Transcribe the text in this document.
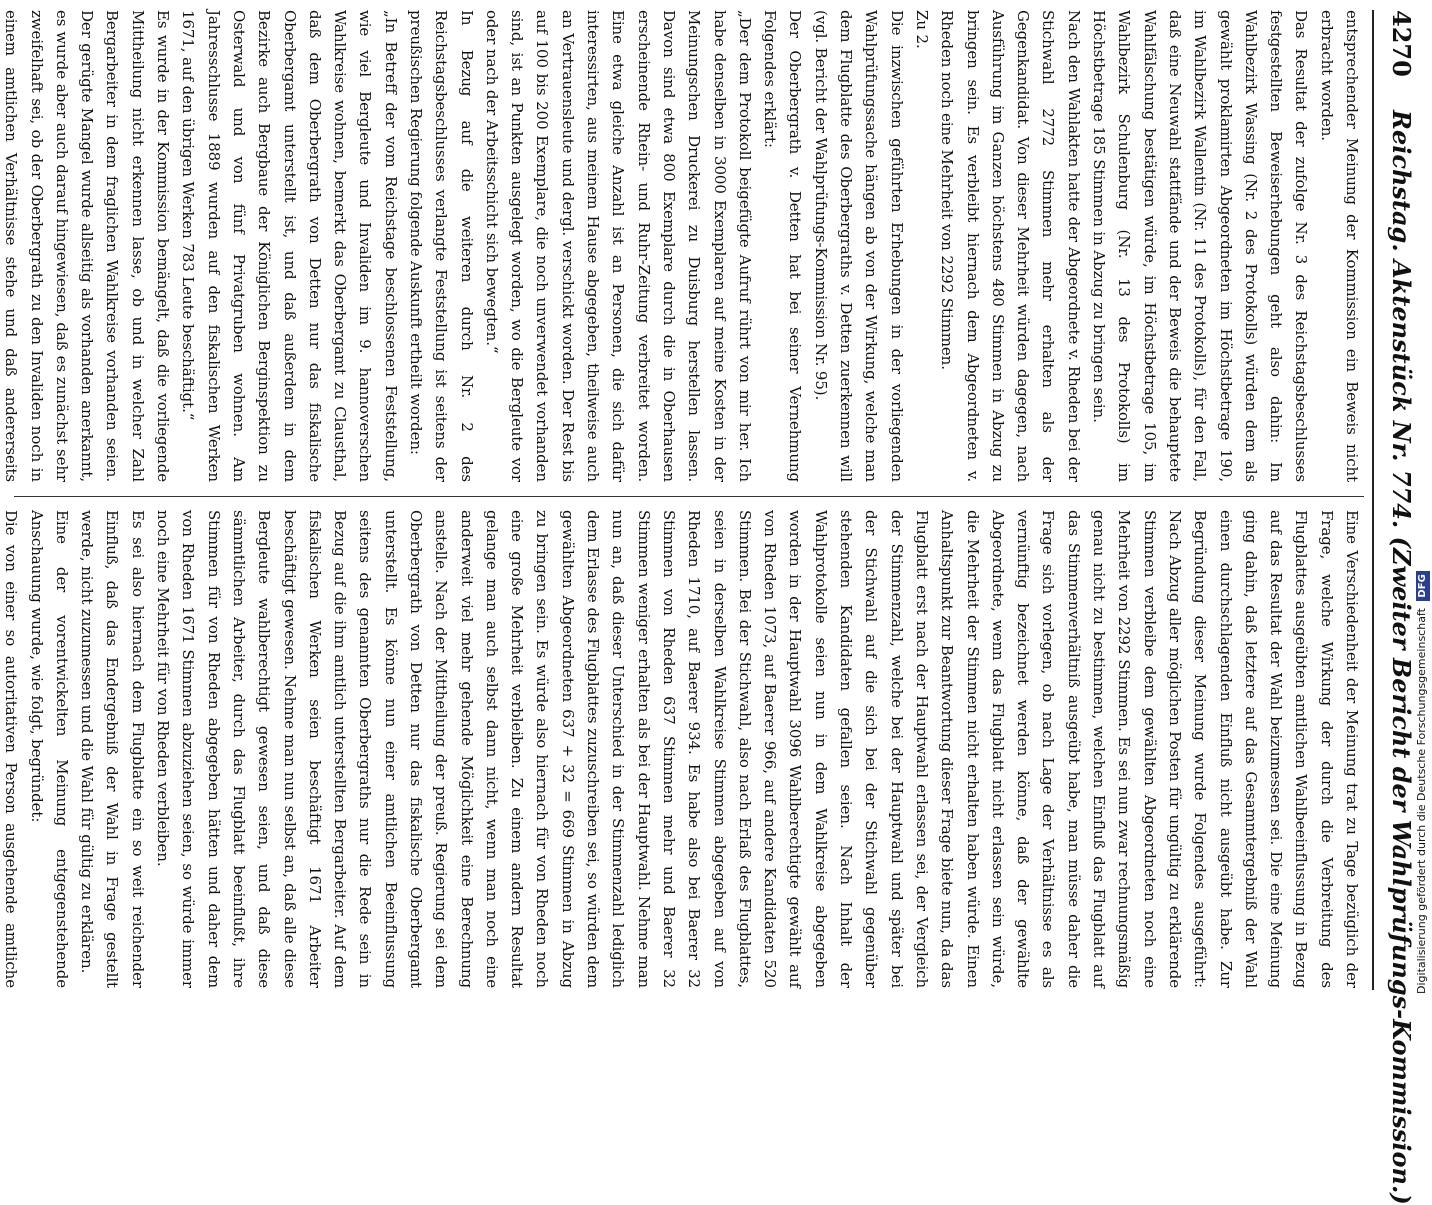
4270
Reichstag. Aktenstück Nr. 774. (Zweiter Bericht der Wahlprüfungs-Kommission.)

entsprechender Meinung der Kommission ein Beweis nicht erbracht worden.
Das Resultat der zufolge Nr. 3 des Reichstagsbeschlusses festgestellten Beweiserhebungen geht also dahin: Im Wahlbezirk Wassing (Nr. 2 des Protokolls) würden dem als gewählt proklamirten Abgeordneten im Höchstbetrage 190, im Wahlbezirk Wallentin (Nr. 11 des Protokolls), für den Fall, daß eine Neuwahl stattfände und der Beweis die behauptete Wahlfälschung bestätigen würde, im Höchstbetrage 105, im Wahlbezirk Schulenburg (Nr. 13 des Protokolls) im Höchstbetrage 185 Stimmen in Abzug zu bringen sein.
Nach den Wahlakten hatte der Abgeordnete v. Rheden bei der Stichwahl 2772 Stimmen mehr erhalten als der Gegenkandidat. Von dieser Mehrheit würden dagegen, nach Ausführung im Ganzen höchstens 480 Stimmen in Abzug zu bringen sein. Es verbleibt hiernach dem Abgeordneten v. Rheden noch eine Mehrheit von 2292 Stimmen.
Zu 2.
Die inzwischen geführten Erhebungen in der vorliegenden Wahlprüfungssache hängen ab von der Wirkung, welche man dem Flugblatte des Oberbergraths v. Detten zuerkennen will (vgl. Bericht der Wahlprüfungs-Kommission Nr. 95).
Der Oberbergrath v. Detten hat bei seiner Vernehmung Folgendes erklärt:
„Der dem Protokoll beigefügte Aufruf rührt von mir her. Ich habe denselben in 3000 Exemplaren auf meine Kosten in der Meinungschen Druckerei zu Duisburg herstellen lassen. Davon sind etwa 800 Exemplare durch die in Oberhausen erscheinende Rhein- und Ruhr-Zeitung verbreitet worden. Eine etwa gleiche Anzahl ist an Personen, die sich dafür interessirten, aus meinem Hause abgegeben, theilweise auch an Vertrauensleute und dergl. verschickt worden. Der Rest bis auf 100 bis 200 Exemplare, die noch unverwendet vorhanden sind, ist an Punkten ausgelegt worden, wo die Bergleute vor oder nach der Arbeitsschicht sich bewegten.“
In Bezug auf die weiteren durch Nr. 2 des Reichstagsbeschlusses verlangte Feststellung ist seitens der preußischen Regierung folgende Auskunft ertheilt worden:
„In Betreff der vom Reichstage beschlossenen Feststellung, wie viel Bergleute und Invaliden im 9. hannoverschen Wahlkreise wohnen, bemerkt das Oberbergamt zu Clausthal, daß dem Oberbergrath von Detten nur das fiskalische Oberbergamt unterstellt ist, und daß außerdem in dem Bezirke auch Bergbaue der Königlichen Berginspektion zu Osterwald und von fünf Privatgruben wohnen. Am Jahresschlusse 1889 wurden auf den fiskalischen Werken 1671, auf den übrigen Werken 783 Leute beschäftigt.“
Es wurde in der Kommission bemängelt, daß die vorliegende Mittheilung nicht erkennen lasse, ob und in welcher Zahl Bergarbeiter in dem fraglichen Wahlkreise vorhanden seien. Der gerügte Mangel wurde allseitig als vorhanden anerkannt, es wurde aber auch darauf hingewiesen, daß es zunächst sehr zweifelhaft sei, ob der Oberbergrath zu den Invaliden noch in einem amtlichen Verhältnisse stehe und daß andererseits

Eine Verschiedenheit der Meinung trat zu Tage bezüglich der Frage, welche Wirkung der durch die Verbreitung des Flugblattes ausgeübten amtlichen Wahlbeeinflussung in Bezug auf das Resultat der Wahl beizumessen sei. Die eine Meinung ging dahin, daß letztere auf das Gesammtergebniß der Wahl einen durchschlagenden Einfluß nicht ausgeübt habe. Zur Begründung dieser Meinung wurde Folgendes ausgeführt: Nach Abzug aller möglichen Posten für ungültig zu erklärende Stimmen verbleibe dem gewählten Abgeordneten noch eine Mehrheit von 2292 Stimmen. Es sei nun zwar rechnungsmäßig genau nicht zu bestimmen, welchen Einfluß das Flugblatt auf das Stimmenverhältniß ausgeübt habe, man müsse daher die Frage sich vorlegen, ob nach Lage der Verhältnisse es als vernünftig bezeichnet werden könne, daß der gewählte Abgeordnete, wenn das Flugblatt nicht erlassen sein würde, die Mehrheit der Stimmen nicht erhalten haben würde. Einen Anhaltspunkt zur Beantwortung dieser Frage biete nun, da das Flugblatt erst nach der Hauptwahl erlassen sei, der Vergleich der Stimmenzahl, welche bei der Hauptwahl und später bei der Stichwahl auf die sich bei der Stichwahl gegenüber stehenden Kandidaten gefallen seien. Nach Inhalt der Wahlprotokolle seien nun in dem Wahlkreise abgegeben worden in der Hauptwahl 3096 Wahlberechtigte gewählt auf von Rheden 1073, auf Baerer 966, auf andere Kandidaten 520 Stimmen. Bei der Stichwahl, also nach Erlaß des Flugblattes, seien in derselben Wahlkreise Stimmen abgegeben auf von Rheden 1710, auf Baerer 934. Es habe also bei Baerer 32 Stimmen von Rheden 637 Stimmen mehr und Baerer 32 Stimmen weniger erhalten als bei der Hauptwahl. Nehme man nun an, daß dieser Unterschied in der Stimmenzahl lediglich dem Erlasse des Flugblattes zuzuschreiben sei, so würden dem gewählten Abgeordneten 637 + 32 = 669 Stimmen in Abzug zu bringen sein. Es würde also hiernach für von Rheden noch eine große Mehrheit verbleiben. Zu einem andern Resultat gelange man auch selbst dann nicht, wenn man noch eine anderweit viel mehr gehende Möglichkeit eine Berechnung anstelle. Nach der Mittheilung der preuß. Regierung sei dem Oberbergrath von Detten nur das fiskalische Oberbergamt unterstellt. Es könne nun einer amtlichen Beeinflussung seitens des genannten Oberbergraths nur die Rede sein in Bezug auf die ihm amtlich unterstellten Bergarbeiter. Auf dem fiskalischen Werken seien beschäftigt 1671 Arbeiter beschäftigt gewesen. Nehme man nun selbst an, daß alle diese Bergleute wahlberechtigt gewesen seien, und daß diese sämmtlichen Arbeiter, durch das Flugblatt beeinflußt, ihre Stimmen für von Rheden abgegeben hätten und daher dem von Rheden 1671 Stimmen abzuziehen seien, so würde immer noch eine Mehrheit für von Rheden verbleiben.
Es sei also hiernach dem Flugblatte ein so weit reichender Einfluß, daß das Endergebniß der Wahl in Frage gestellt werde, nicht zuzumessen und die Wahl für gültig zu erklären.
Eine der vorentwickelten Meinung entgegenstehende Anschauung wurde, wie folgt, begründet:
Die von einer so autoritativen Person ausgehende amtliche	Digitalisierung gefördert durch die Deutsche Forschungsgemeinschaft DFG
